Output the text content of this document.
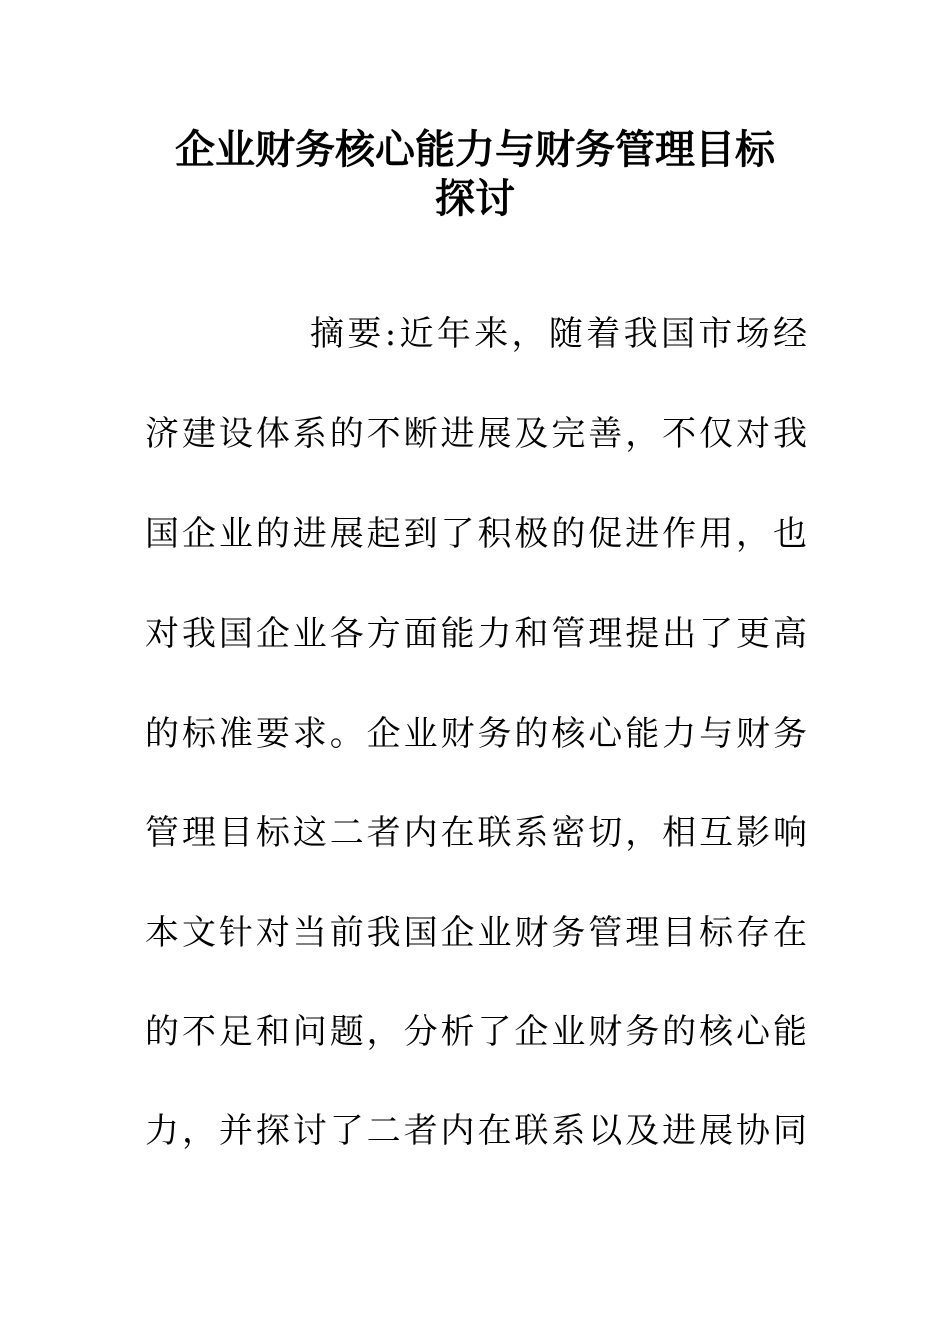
企业财务核心能力与财务管理目标
探讨
摘要:近年来，随着我国市场经
济建设体系的不断进展及完善，不仅对我
国企业的进展起到了积极的促进作用，也
对我国企业各方面能力和管理提出了更高
的标准要求。企业财务的核心能力与财务
管理目标这二者内在联系密切，相互影响
本文针对当前我国企业财务管理目标存在
的不足和问题，分析了企业财务的核心能
力，并探讨了二者内在联系以及进展协同
